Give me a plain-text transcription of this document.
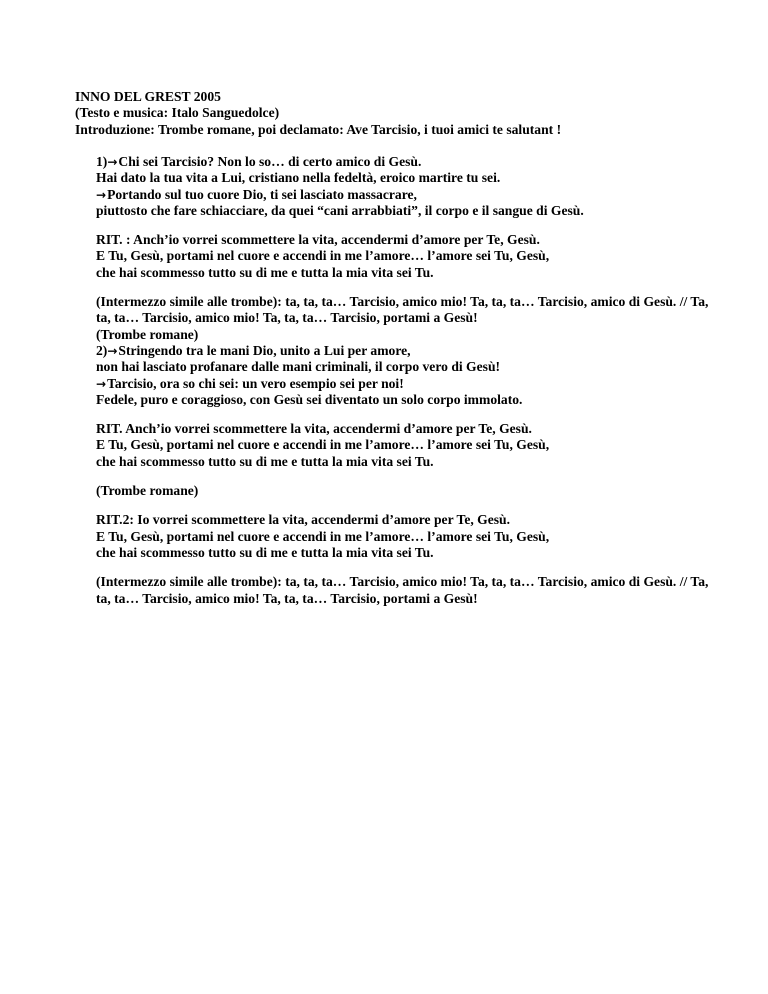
INNO DEL GREST 2005
(Testo e musica: Italo Sanguedolce)
Introduzione: Trombe romane, poi declamato: Ave Tarcisio, i tuoi amici te salutant !
1)→Chi sei Tarcisio? Non lo so… di certo amico di Gesù.
Hai dato la tua vita a Lui, cristiano nella fedeltà, eroico martire tu sei.
→Portando sul tuo cuore Dio, ti sei lasciato massacrare,
piuttosto che fare schiacciare, da quei “cani arrabbiati”, il corpo e il sangue di Gesù.
RIT. : Anch’io vorrei scommettere la vita, accendermi d’amore per Te, Gesù.
E Tu, Gesù, portami nel cuore e accendi in me l’amore… l’amore sei Tu, Gesù,
che hai scommesso tutto su di me e tutta la mia vita sei Tu.
(Intermezzo simile alle trombe): ta, ta, ta… Tarcisio, amico mio! Ta, ta, ta… Tarcisio, amico di Gesù. // Ta, ta, ta… Tarcisio, amico mio! Ta, ta, ta… Tarcisio, portami a Gesù!
(Trombe romane)
2)→Stringendo tra le mani Dio, unito a Lui per amore,
non hai lasciato profanare dalle mani criminali, il corpo vero di Gesù!
→Tarcisio, ora so chi sei: un vero esempio sei per noi!
Fedele, puro e coraggioso, con Gesù sei diventato un solo corpo immolato.
RIT. Anch’io vorrei scommettere la vita, accendermi d’amore per Te, Gesù.
E Tu, Gesù, portami nel cuore e accendi in me l’amore… l’amore sei Tu, Gesù,
che hai scommesso tutto su di me e tutta la mia vita sei Tu.
(Trombe romane)
RIT.2: Io vorrei scommettere la vita, accendermi d’amore per Te, Gesù.
E Tu, Gesù, portami nel cuore e accendi in me l’amore… l’amore sei Tu, Gesù,
che hai scommesso tutto su di me e tutta la mia vita sei Tu.
(Intermezzo simile alle trombe): ta, ta, ta… Tarcisio, amico mio! Ta, ta, ta… Tarcisio, amico di Gesù. // Ta, ta, ta… Tarcisio, amico mio! Ta, ta, ta… Tarcisio, portami a Gesù!
